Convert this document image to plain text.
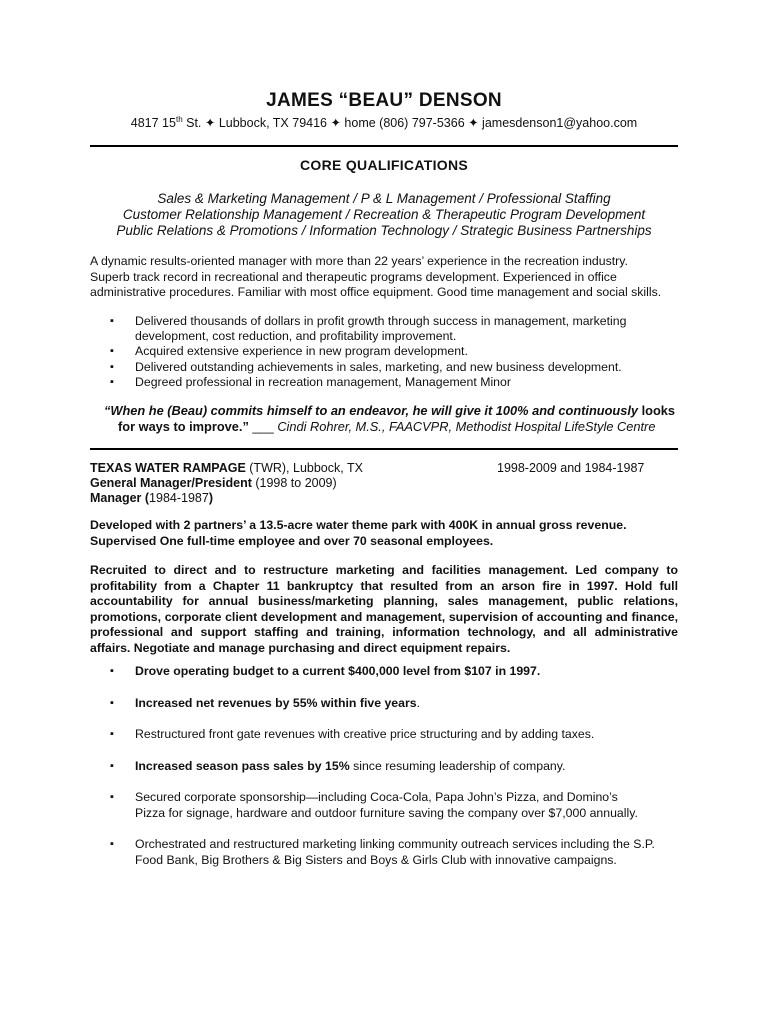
JAMES “BEAU” DENSON
4817 15th St. ✦ Lubbock, TX 79416 ✦ home (806) 797-5366 ✦ jamesdenson1@yahoo.com
CORE QUALIFICATIONS
Sales & Marketing Management / P & L Management / Professional Staffing
Customer Relationship Management / Recreation & Therapeutic Program Development
Public Relations & Promotions / Information Technology / Strategic Business Partnerships
A dynamic results-oriented manager with more than 22 years’ experience in the recreation industry.
Superb track record in recreational and therapeutic programs development. Experienced in office
administrative procedures. Familiar with most office equipment. Good time management and social skills.
▪ Delivered thousands of dollars in profit growth through success in management, marketing development, cost reduction, and profitability improvement.
▪ Acquired extensive experience in new program development.
▪ Delivered outstanding achievements in sales, marketing, and new business development.
▪ Degreed professional in recreation management, Management Minor
“When he (Beau) commits himself to an endeavor, he will give it 100% and continuously looks
for ways to improve.” ___ Cindi Rohrer, M.S., FAACVPR, Methodist Hospital LifeStyle Centre
TEXAS WATER RAMPAGE (TWR), Lubbock, TX	1998-2009 and 1984-1987
General Manager/President (1998 to 2009)
Manager (1984-1987)
Developed with 2 partners’ a 13.5-acre water theme park with 400K in annual gross revenue.
Supervised One full-time employee and over 70 seasonal employees.
Recruited to direct and to restructure marketing and facilities management. Led company to profitability from a Chapter 11 bankruptcy that resulted from an arson fire in 1997. Hold full accountability for annual business/marketing planning, sales management, public relations, promotions, corporate client development and management, supervision of accounting and finance, professional and support staffing and training, information technology, and all administrative affairs. Negotiate and manage purchasing and direct equipment repairs.
▪ Drove operating budget to a current $400,000 level from $107 in 1997.
▪ Increased net revenues by 55% within five years.
▪ Restructured front gate revenues with creative price structuring and by adding taxes.
▪ Increased season pass sales by 15% since resuming leadership of company.
▪ Secured corporate sponsorship—including Coca-Cola, Papa John’s Pizza, and Domino’s Pizza for signage, hardware and outdoor furniture saving the company over $7,000 annually.
▪ Orchestrated and restructured marketing linking community outreach services including the S.P. Food Bank, Big Brothers & Big Sisters and Boys & Girls Club with innovative campaigns.
